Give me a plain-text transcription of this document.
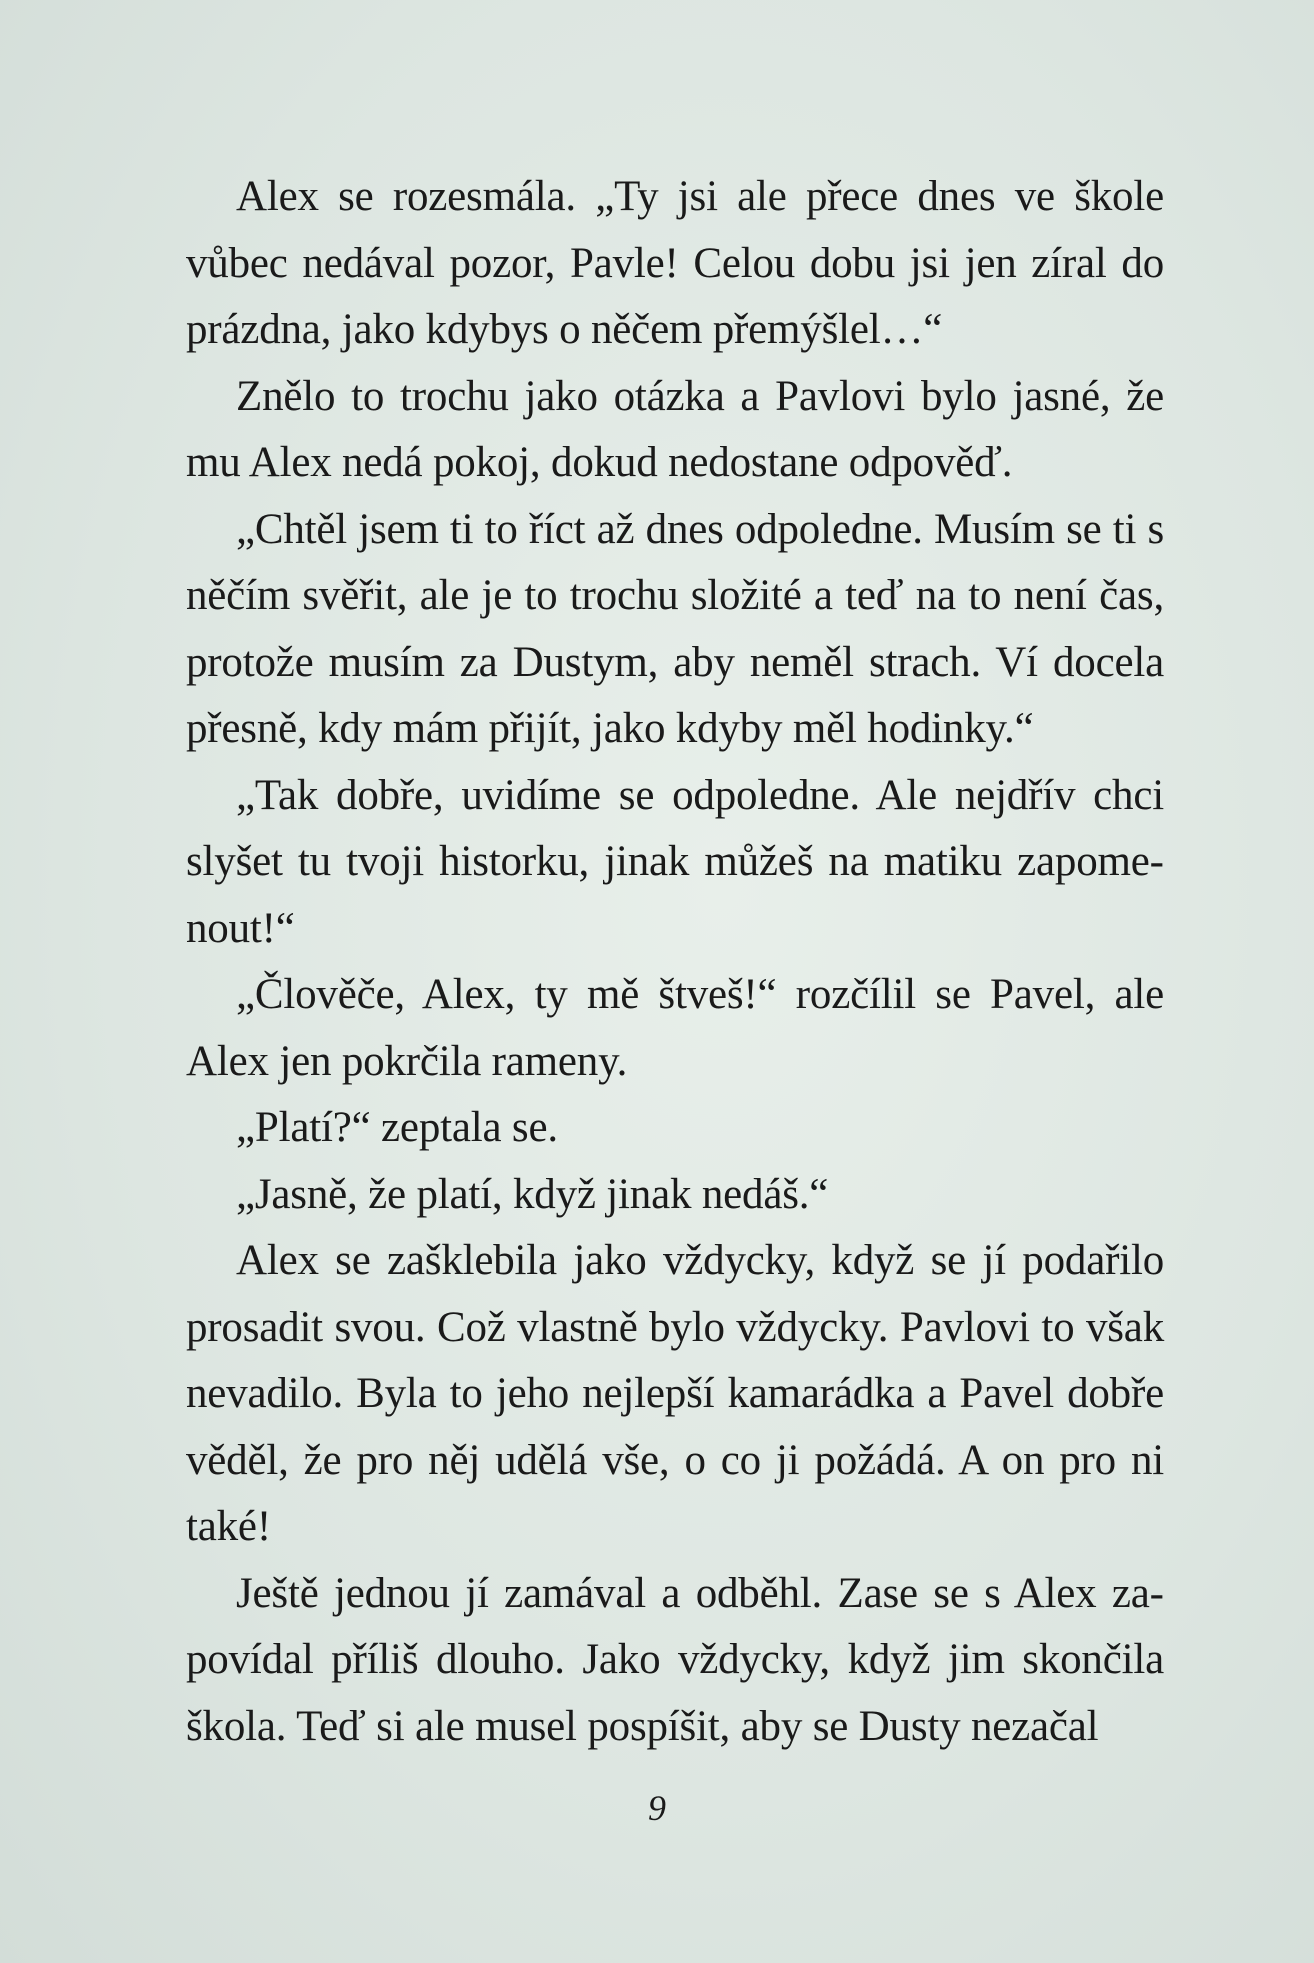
Alex se rozesmála. „Ty jsi ale přece dnes ve škole vůbec nedával pozor, Pavle! Celou dobu jsi jen zíral do prázdna, jako kdybys o něčem přemýšlel…“

Znělo to trochu jako otázka a Pavlovi bylo jasné, že mu Alex nedá pokoj, dokud nedostane odpověď.

„Chtěl jsem ti to říct až dnes odpoledne. Musím se ti s něčím svěřit, ale je to trochu složité a teď na to není čas, protože musím za Dustym, aby neměl strach. Ví docela přesně, kdy mám přijít, jako kdyby měl hodinky.“

„Tak dobře, uvidíme se odpoledne. Ale nejdřív chci slyšet tu tvoji historku, jinak můžeš na matiku zapomenout!“

„Člověče, Alex, ty mě štveš!“ rozčílil se Pavel, ale Alex jen pokrčila rameny.

„Platí?“ zeptala se.

„Jasně, že platí, když jinak nedáš.“

Alex se zašklebila jako vždycky, když se jí podařilo prosadit svou. Což vlastně bylo vždycky. Pavlovi to však nevadilo. Byla to jeho nejlepší kamarádka a Pavel dobře věděl, že pro něj udělá vše, o co ji požádá. A on pro ni také!

Ještě jednou jí zamával a odběhl. Zase se s Alex zapovídal příliš dlouho. Jako vždycky, když jim skončila škola. Teď si ale musel pospíšit, aby se Dusty nezačal

9
